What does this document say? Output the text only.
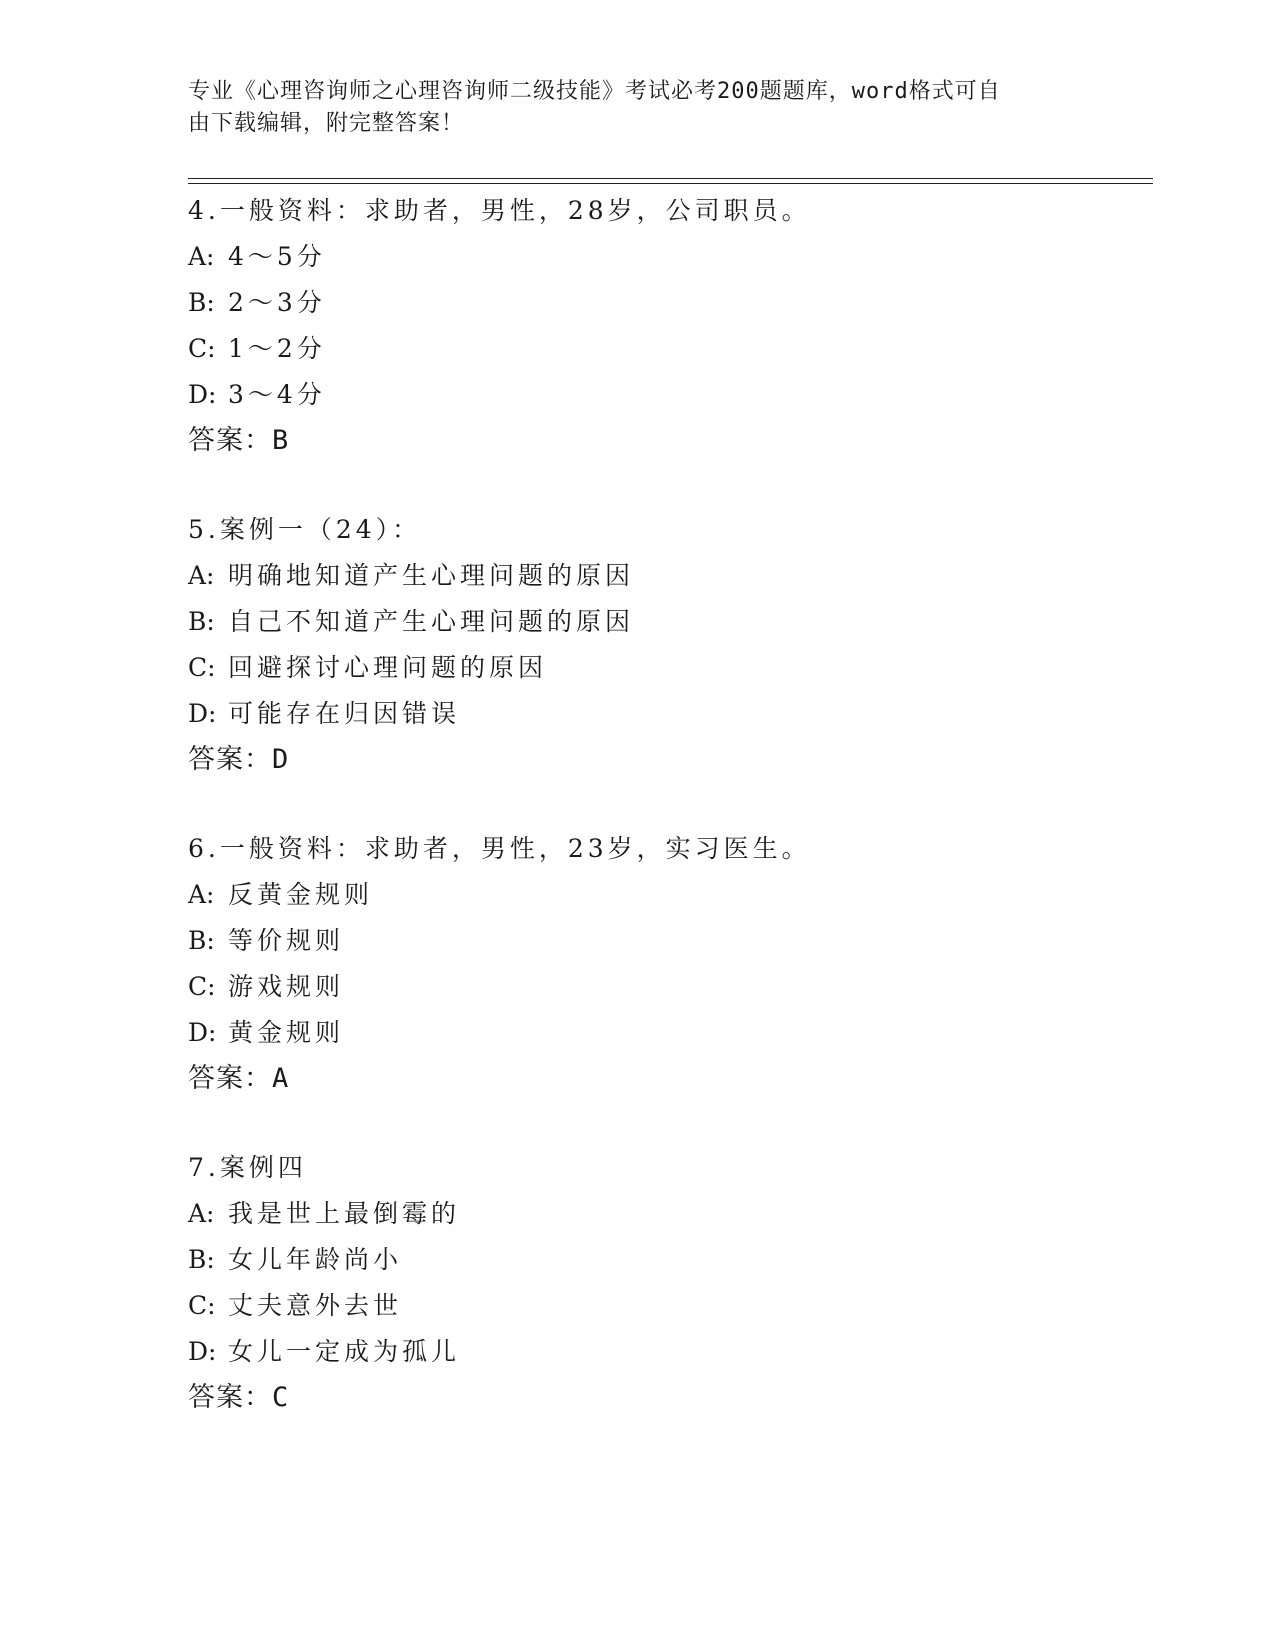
专业《心理咨询师之心理咨询师二级技能》考试必考200题题库，word格式可自
由下载编辑，附完整答案！
4.一般资料：求助者，男性，28岁，公司职员。
A: 4～5分
B: 2～3分
C: 1～2分
D: 3～4分
答案：B
5.案例一（24）：
A: 明确地知道产生心理问题的原因
B: 自己不知道产生心理问题的原因
C: 回避探讨心理问题的原因
D: 可能存在归因错误
答案：D
6.一般资料：求助者，男性，23岁，实习医生。
A: 反黄金规则
B: 等价规则
C: 游戏规则
D: 黄金规则
答案：A
7.案例四
A: 我是世上最倒霉的
B: 女儿年龄尚小
C: 丈夫意外去世
D: 女儿一定成为孤儿
答案：C
